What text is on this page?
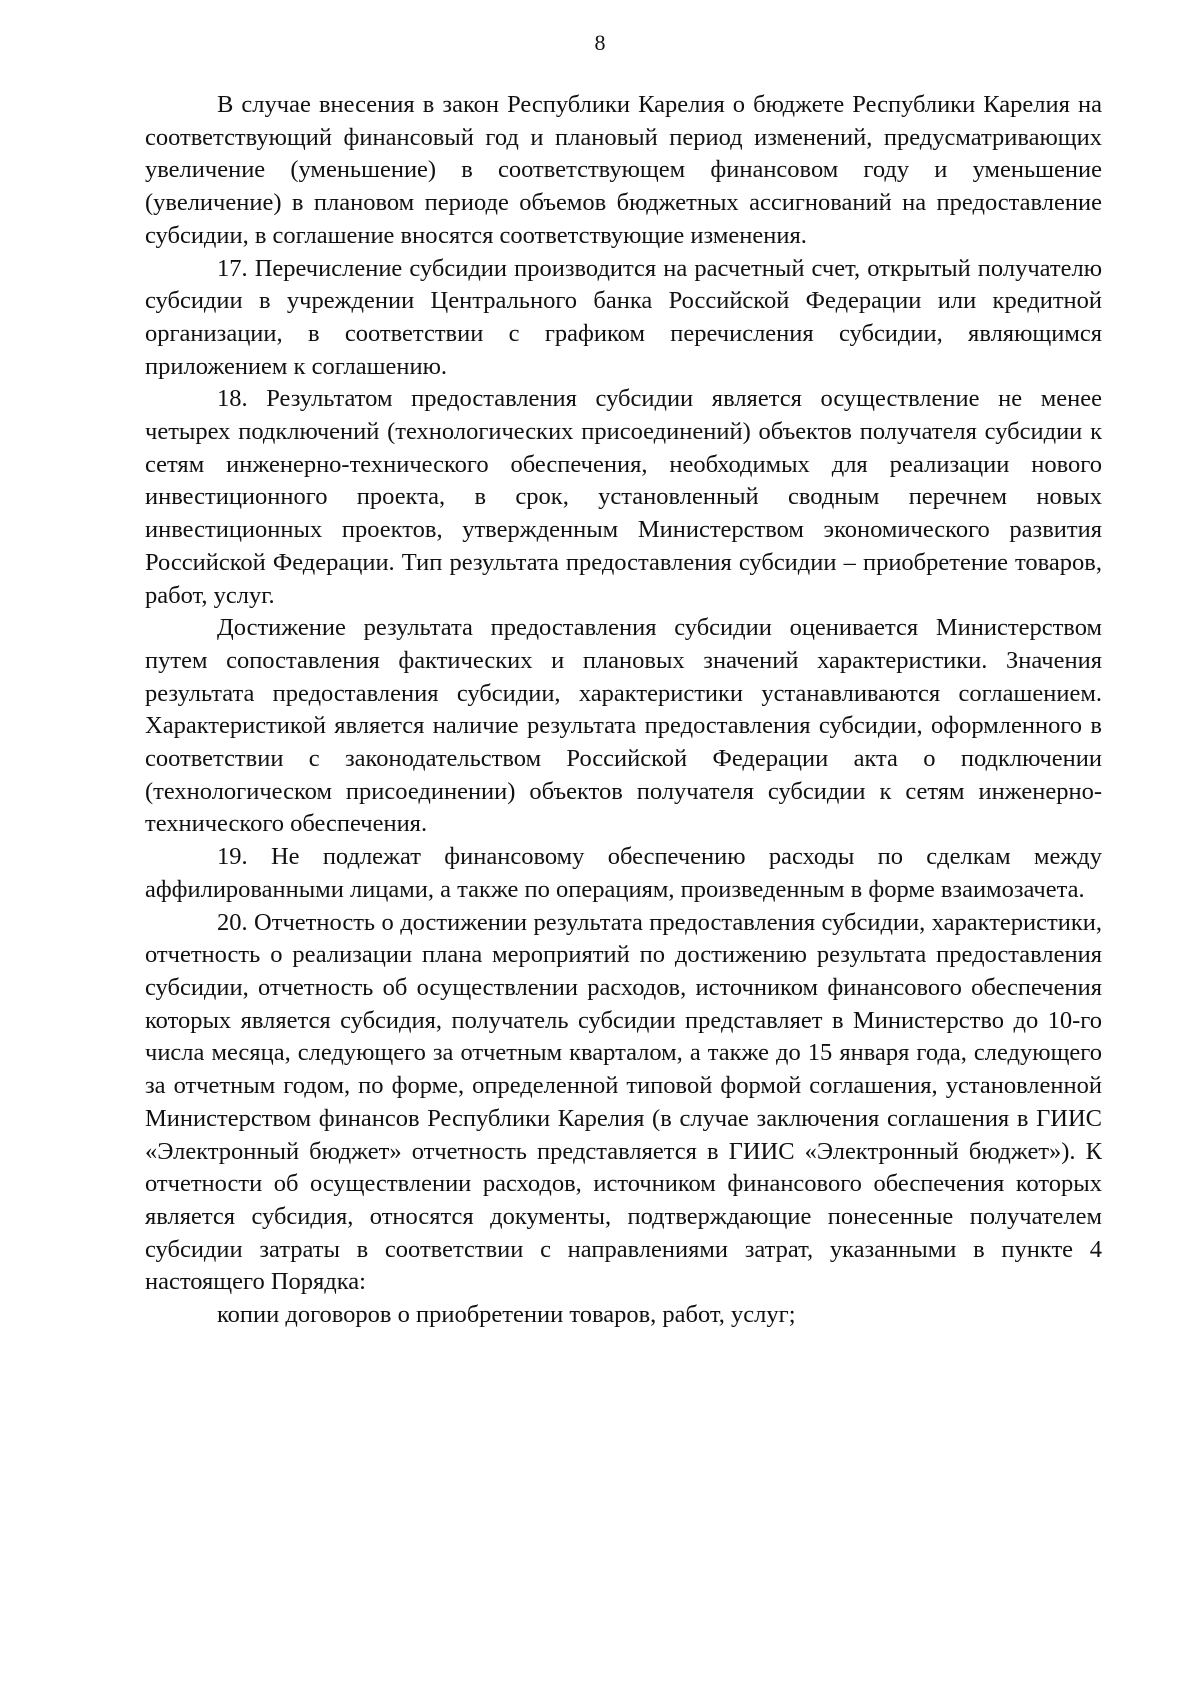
8

В случае внесения в закон Республики Карелия о бюджете Республики Карелия на соответствующий финансовый год и плановый период изменений, предусматривающих увеличение (уменьшение) в соответствующем финансовом году и уменьшение (увеличение) в плановом периоде объемов бюджетных ассигнований на предоставление субсидии, в соглашение вносятся соответствующие изменения.

17. Перечисление субсидии производится на расчетный счет, открытый получателю субсидии в учреждении Центрального банка Российской Федерации или кредитной организации, в соответствии с графиком перечисления субсидии, являющимся приложением к соглашению.

18. Результатом предоставления субсидии является осуществление не менее четырех подключений (технологических присоединений) объектов получателя субсидии к сетям инженерно-технического обеспечения, необходимых для реализации нового инвестиционного проекта, в срок, установленный сводным перечнем новых инвестиционных проектов, утвержденным Министерством экономического развития Российской Федерации. Тип результата предоставления субсидии – приобретение товаров, работ, услуг.

Достижение результата предоставления субсидии оценивается Министерством путем сопоставления фактических и плановых значений характеристики. Значения результата предоставления субсидии, характеристики устанавливаются соглашением. Характеристикой является наличие результата предоставления субсидии, оформленного в соответствии с законодательством Российской Федерации акта о подключении (технологическом присоединении) объектов получателя субсидии к сетям инженерно-технического обеспечения.

19. Не подлежат финансовому обеспечению расходы по сделкам между аффилированными лицами, а также по операциям, произведенным в форме взаимозачета.

20. Отчетность о достижении результата предоставления субсидии, характеристики, отчетность о реализации плана мероприятий по достижению результата предоставления субсидии, отчетность об осуществлении расходов, источником финансового обеспечения которых является субсидия, получатель субсидии представляет в Министерство до 10-го числа месяца, следующего за отчетным кварталом, а также до 15 января года, следующего за отчетным годом, по форме, определенной типовой формой соглашения, установленной Министерством финансов Республики Карелия (в случае заключения соглашения в ГИИС «Электронный бюджет» отчетность представляется в ГИИС «Электронный бюджет»). К отчетности об осуществлении расходов, источником финансового обеспечения которых является субсидия, относятся документы, подтверждающие понесенные получателем субсидии затраты в соответствии с направлениями затрат, указанными в пункте 4 настоящего Порядка:

копии договоров о приобретении товаров, работ, услуг;
